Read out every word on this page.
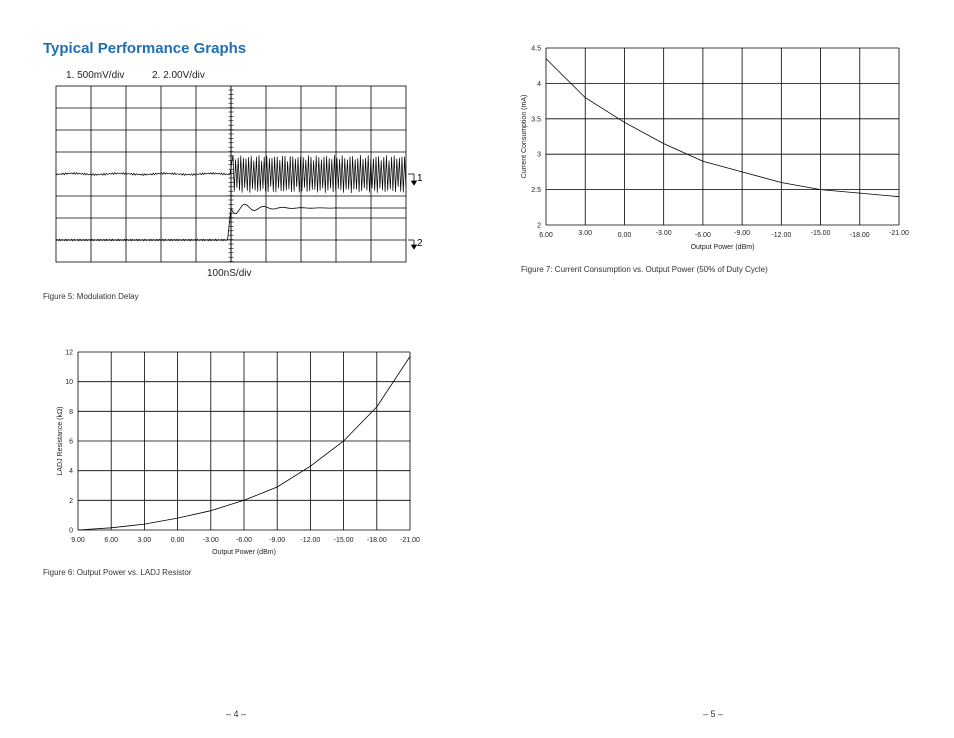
Typical Performance Graphs
1. 500mV/div	2. 2.00V/div
1
2
100nS/div
Figure 5: Modulation Delay
0
2
4
6
8
10
12
9.00	6.00	3.00	0.00	-3.00 -6.00 -9.00 -12.00 -15.00 -18.00 -21.00
Output Power (dBm)
LADJ Resistance (kΩ)
Figure 6: Output Power vs. LADJ Resistor
2
2.5
3
3.5
4
4.5
6.00	3.00	0.00	-3.00	-6.00	-9.00	-12.00	-15.00	-18.00	-21.00
Output Power (dBm)
Current Consumption (mA)
Figure 7: Current Consumption vs. Output Power (50% of Duty Cycle)
– 4 –	– 5 –
